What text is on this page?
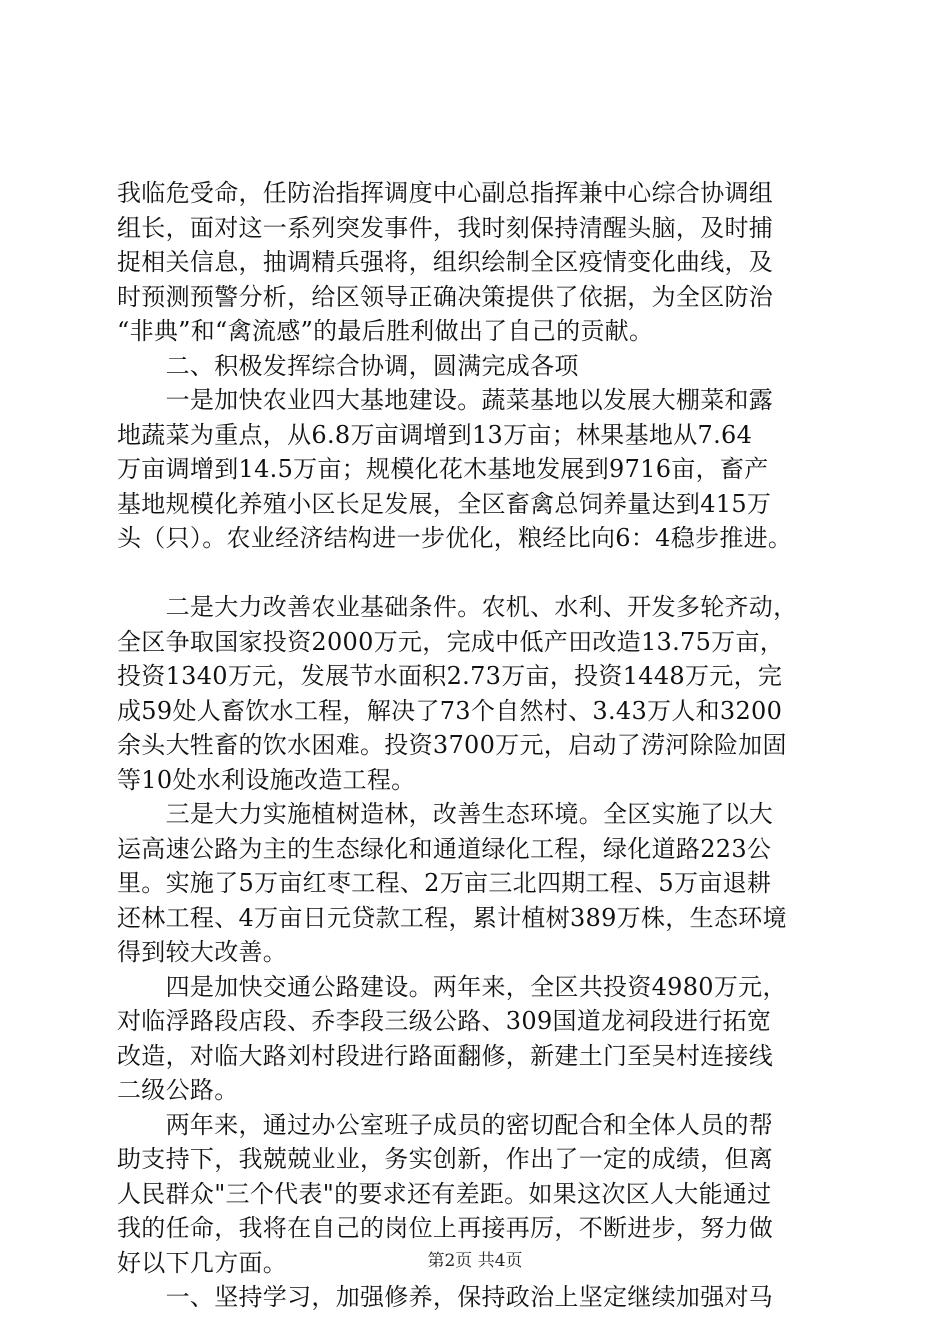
我临危受命，任防治指挥调度中心副总指挥兼中心综合协调组
组长，面对这一系列突发事件，我时刻保持清醒头脑，及时捕
捉相关信息，抽调精兵强将，组织绘制全区疫情变化曲线，及
时预测预警分析，给区领导正确决策提供了依据，为全区防治
“非典”和“禽流感”的最后胜利做出了自己的贡献。
　　二、积极发挥综合协调，圆满完成各项
　　一是加快农业四大基地建设。蔬菜基地以发展大棚菜和露
地蔬菜为重点，从6.8万亩调增到13万亩；林果基地从7.64
万亩调增到14.5万亩；规模化花木基地发展到9716亩，畜产
基地规模化养殖小区长足发展，全区畜禽总饲养量达到415万
头（只）。农业经济结构进一步优化，粮经比向6：4稳步推进。
　　二是大力改善农业基础条件。农机、水利、开发多轮齐动，
全区争取国家投资2000万元，完成中低产田改造13.75万亩，
投资1340万元，发展节水面积2.73万亩，投资1448万元，完
成59处人畜饮水工程，解决了73个自然村、3.43万人和3200
余头大牲畜的饮水困难。投资3700万元，启动了涝河除险加固
等10处水利设施改造工程。
　　三是大力实施植树造林，改善生态环境。全区实施了以大
运高速公路为主的生态绿化和通道绿化工程，绿化道路223公
里。实施了5万亩红枣工程、2万亩三北四期工程、5万亩退耕
还林工程、4万亩日元贷款工程，累计植树389万株，生态环境
得到较大改善。
　　四是加快交通公路建设。两年来，全区共投资4980万元，
对临浮路段店段、乔李段三级公路、309国道龙祠段进行拓宽
改造，对临大路刘村段进行路面翻修，新建土门至吴村连接线
二级公路。
　　两年来，通过办公室班子成员的密切配合和全体人员的帮
助支持下，我兢兢业业，务实创新，作出了一定的成绩，但离
人民群众"三个代表"的要求还有差距。如果这次区人大能通过
我的任命，我将在自己的岗位上再接再厉，不断进步，努力做
好以下几方面。
　　一、坚持学习，加强修养，保持政治上坚定继续加强对马
第2页 共4页
